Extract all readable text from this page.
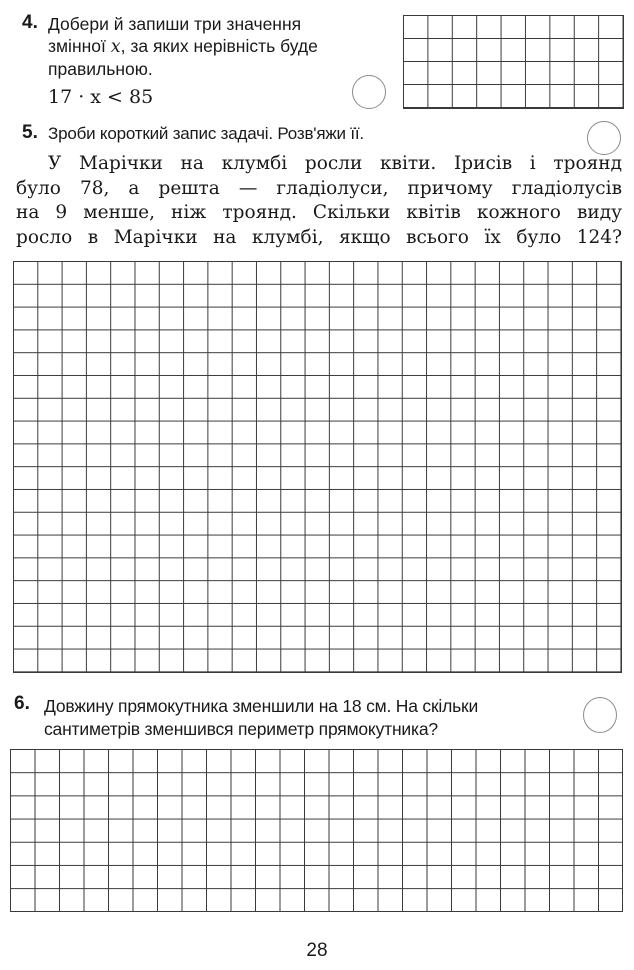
4. Добери й запиши три значення
змінної x, за яких нерівність буде
правильною.
17 · x < 85
5. Зроби короткий запис задачі. Розв'яжи її.
У Марічки на клумбі росли квіти. Ірисів і троянд
було 78, а решта — гладіолуси, причому гладіолусів
на 9 менше, ніж троянд. Скільки квітів кожного виду
росло в Марічки на клумбі, якщо всього їх було 124?
6. Довжину прямокутника зменшили на 18 см. На скільки
сантиметрів зменшився периметр прямокутника?
28
